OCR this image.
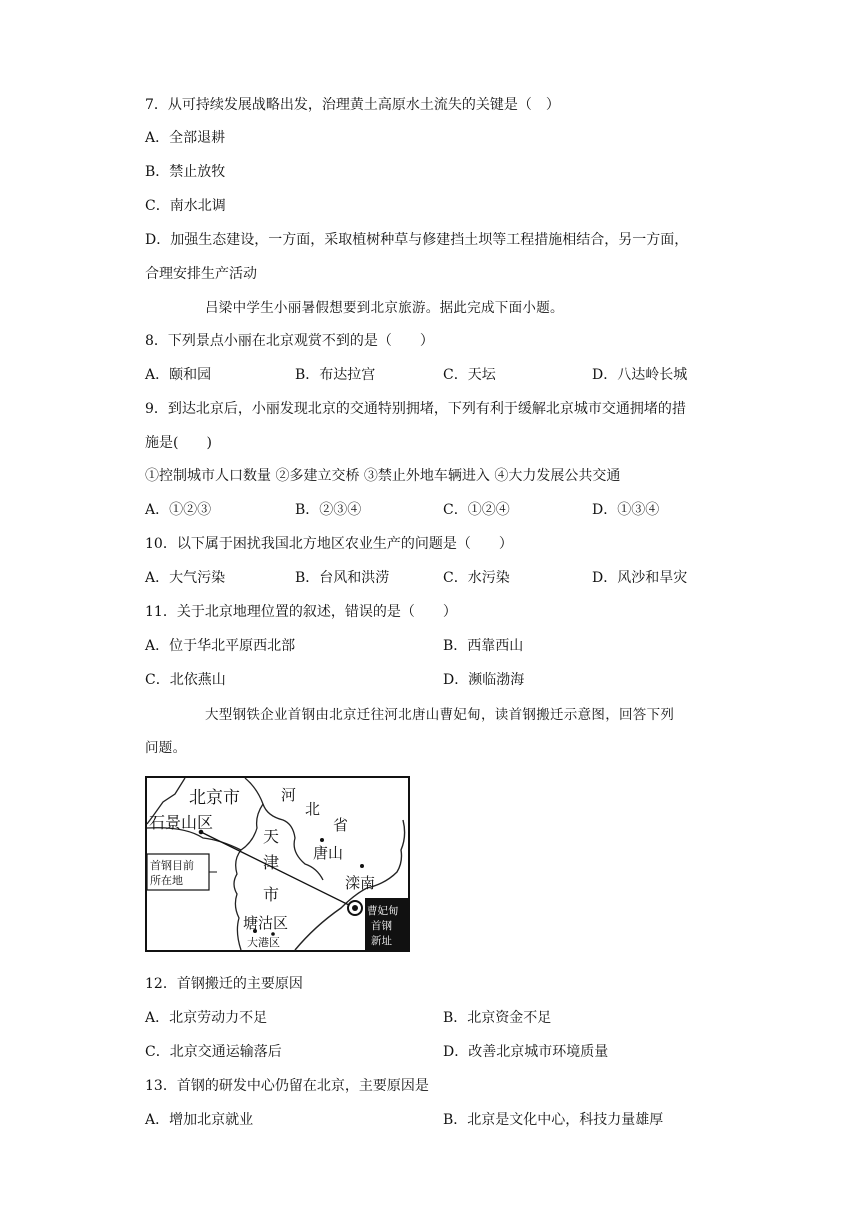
7．从可持续发展战略出发，治理黄土高原水土流失的关键是（　）
A．全部退耕
B．禁止放牧
C．南水北调
D．加强生态建设，一方面，采取植树种草与修建挡土坝等工程措施相结合，另一方面，
合理安排生产活动
吕梁中学生小丽暑假想要到北京旅游。据此完成下面小题。
8．下列景点小丽在北京观赏不到的是（　　）
A．颐和园	B．布达拉宫	C．天坛	D．八达岭长城
9．到达北京后，小丽发现北京的交通特别拥堵，下列有利于缓解北京城市交通拥堵的措
施是(　　)
①控制城市人口数量 ②多建立交桥 ③禁止外地车辆进入 ④大力发展公共交通
A．①②③	B．②③④	C．①②④	D．①③④
10．以下属于困扰我国北方地区农业生产的问题是（　　）
A．大气污染	B．台风和洪涝	C．水污染	D．风沙和旱灾
11．关于北京地理位置的叙述，错误的是（　　）
A．位于华北平原西北部	B．西靠西山
C．北依燕山	D．濒临渤海
大型钢铁企业首钢由北京迁往河北唐山曹妃甸，读首钢搬迁示意图，回答下列
问题。
北京市	河
北
省
石景山区
天
津
市
唐山
滦南
首钢目前
所在地
塘沽区
大港区
曹妃甸
首钢
新址
12．首钢搬迁的主要原因
A．北京劳动力不足	B．北京资金不足
C．北京交通运输落后	D．改善北京城市环境质量
13．首钢的研发中心仍留在北京，主要原因是
A．增加北京就业	B．北京是文化中心，科技力量雄厚
